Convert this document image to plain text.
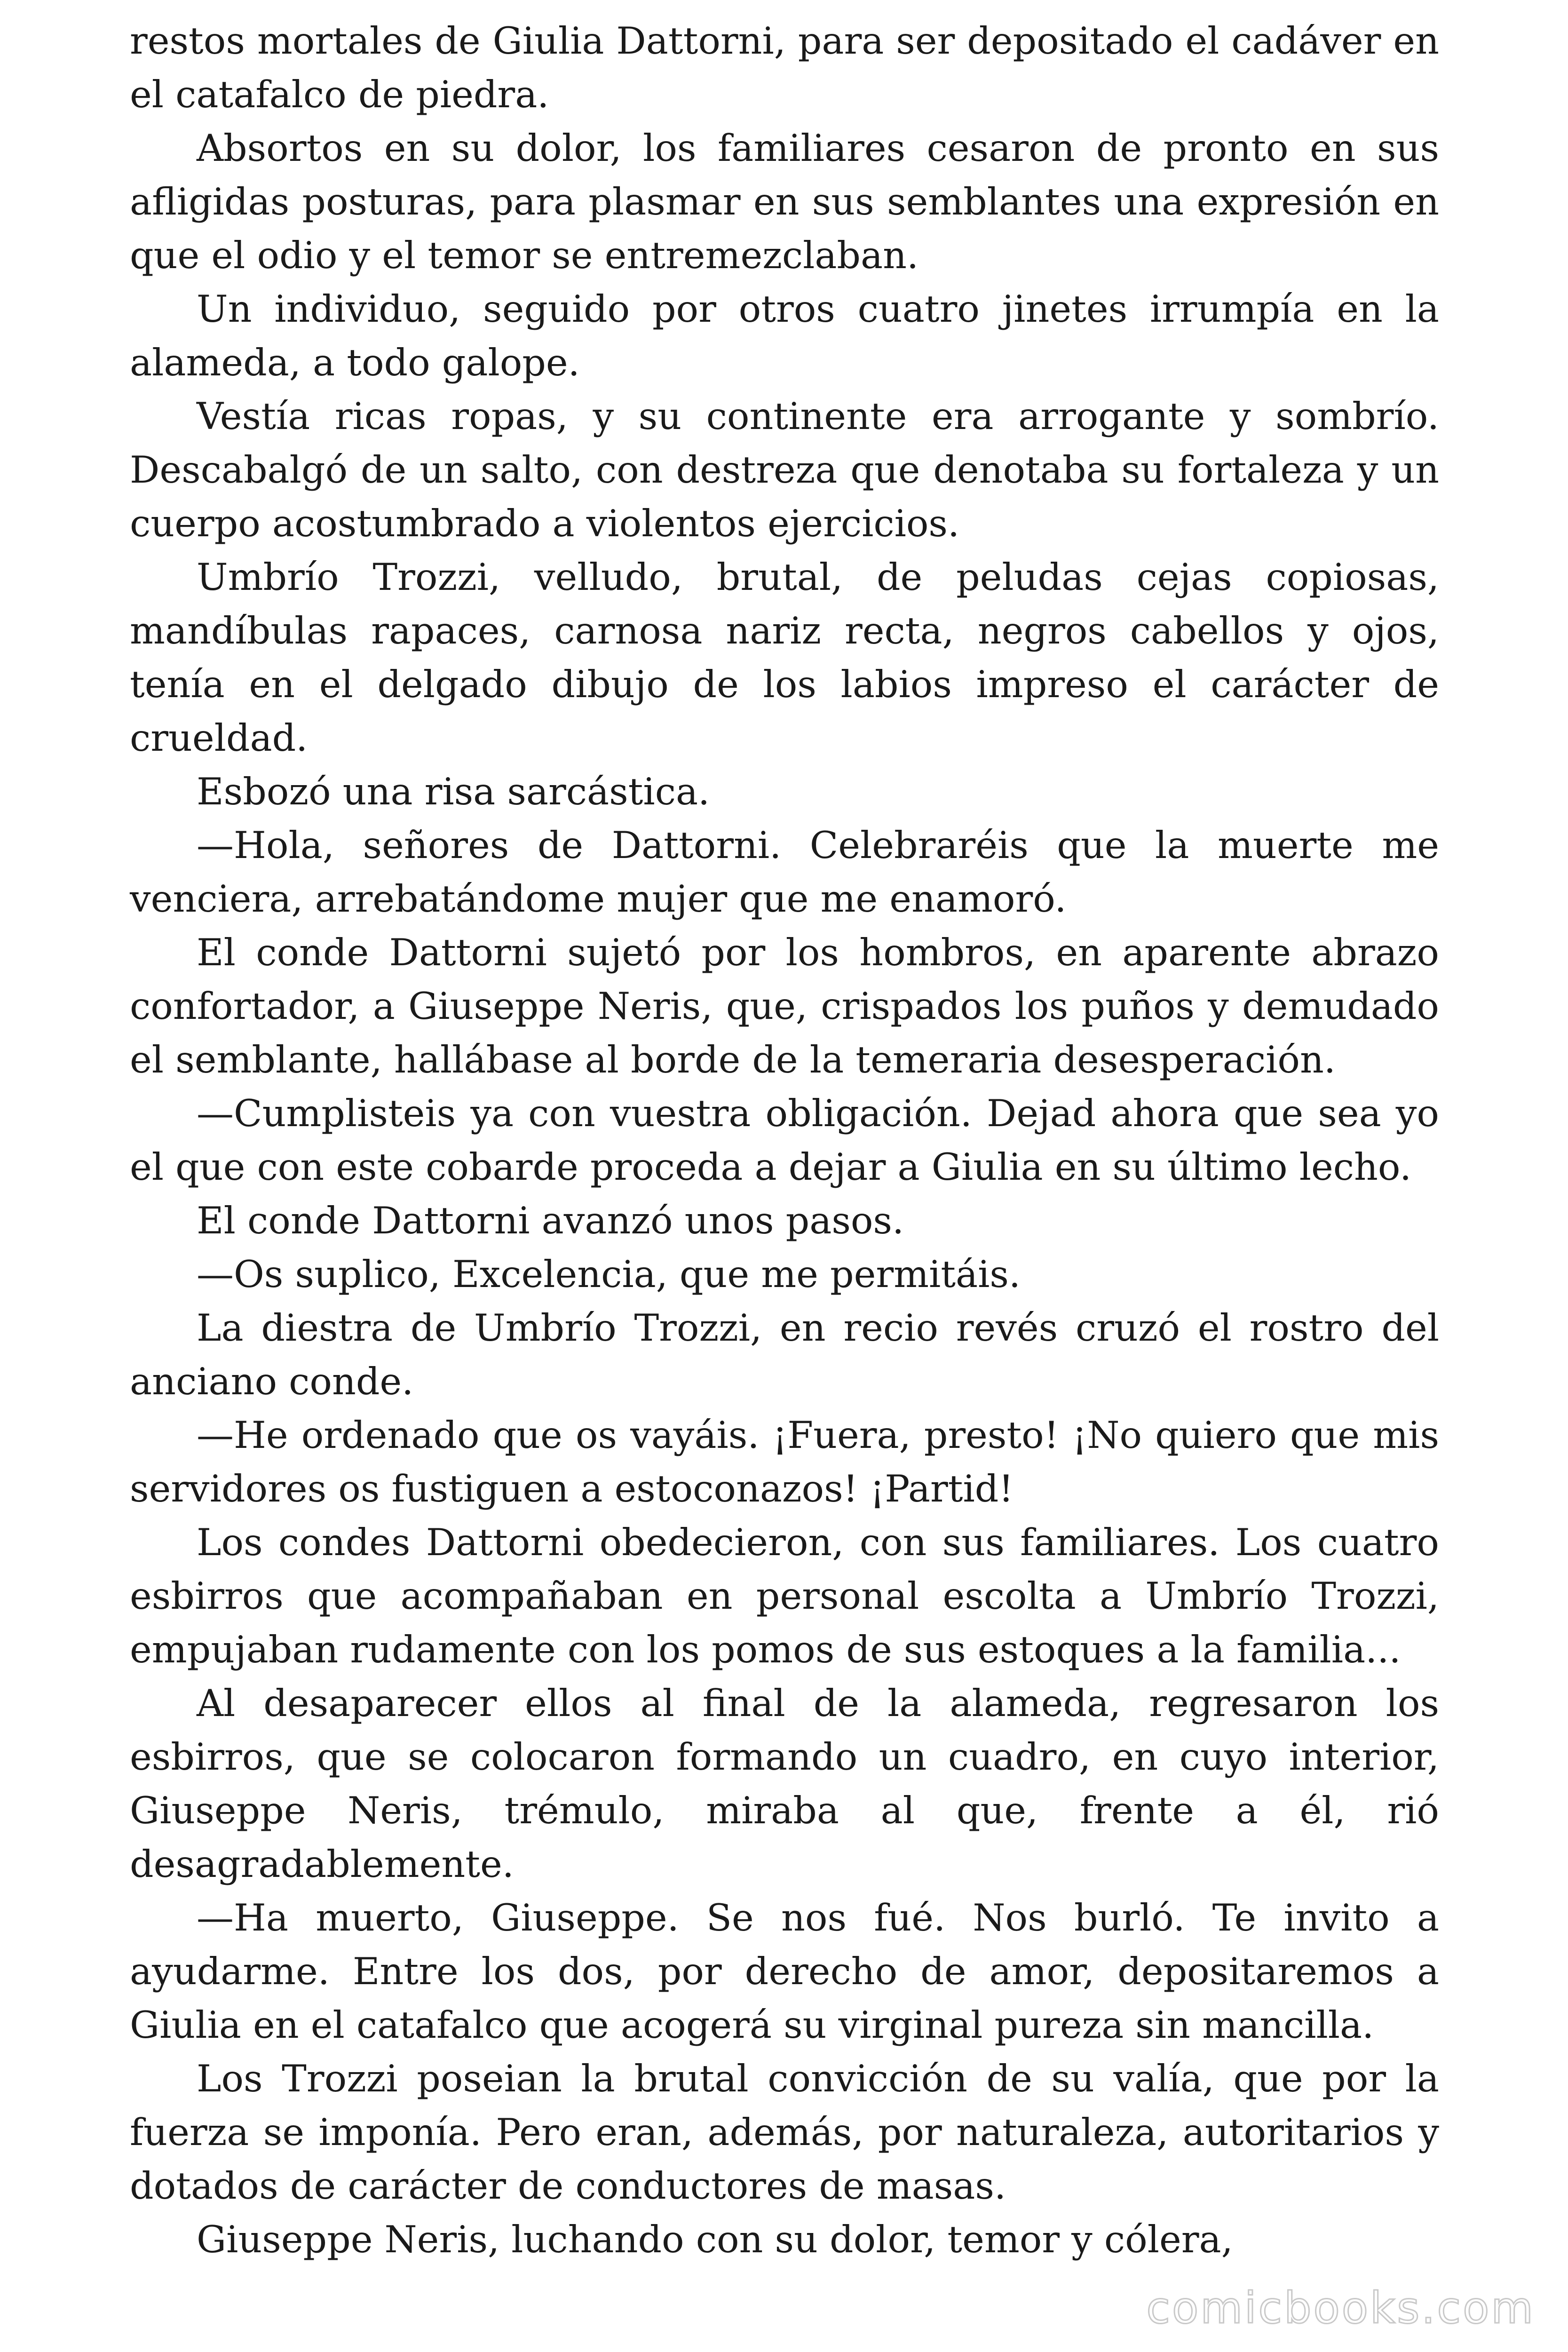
restos mortales de Giulia Dattorni, para ser depositado el cadáver en el catafalco de piedra.

Absortos en su dolor, los familiares cesaron de pronto en sus afligidas posturas, para plasmar en sus semblantes una expresión en que el odio y el temor se entremezclaban.

Un individuo, seguido por otros cuatro jinetes irrumpía en la alameda, a todo galope.

Vestía ricas ropas, y su continente era arrogante y sombrío. Descabalgó de un salto, con destreza que denotaba su fortaleza y un cuerpo acostumbrado a violentos ejercicios.

Umbrío Trozzi, velludo, brutal, de peludas cejas copiosas, mandíbulas rapaces, carnosa nariz recta, negros cabellos y ojos, tenía en el delgado dibujo de los labios impreso el carácter de crueldad.

Esbozó una risa sarcástica.

—Hola, señores de Dattorni. Celebraréis que la muerte me venciera, arrebatándome mujer que me enamoró.

El conde Dattorni sujetó por los hombros, en aparente abrazo confortador, a Giuseppe Neris, que, crispados los puños y demudado el semblante, hallábase al borde de la temeraria desesperación.

—Cumplisteis ya con vuestra obligación. Dejad ahora que sea yo el que con este cobarde proceda a dejar a Giulia en su último lecho.

El conde Dattorni avanzó unos pasos.

—Os suplico, Excelencia, que me permitáis.

La diestra de Umbrío Trozzi, en recio revés cruzó el rostro del anciano conde.

—He ordenado que os vayáis. ¡Fuera, presto! ¡No quiero que mis servidores os fustiguen a estoconazos! ¡Partid!

Los condes Dattorni obedecieron, con sus familiares. Los cuatro esbirros que acompañaban en personal escolta a Umbrío Trozzi, empujaban rudamente con los pomos de sus estoques a la familia...

Al desaparecer ellos al final de la alameda, regresaron los esbirros, que se colocaron formando un cuadro, en cuyo interior, Giuseppe Neris, trémulo, miraba al que, frente a él, rió desagradablemente.

—Ha muerto, Giuseppe. Se nos fué. Nos burló. Te invito a ayudarme. Entre los dos, por derecho de amor, depositaremos a Giulia en el catafalco que acogerá su virginal pureza sin mancilla.

Los Trozzi poseian la brutal convicción de su valía, que por la fuerza se imponía. Pero eran, además, por naturaleza, autoritarios y dotados de carácter de conductores de masas.

Giuseppe Neris, luchando con su dolor, temor y cólera,

comicbooks.com
